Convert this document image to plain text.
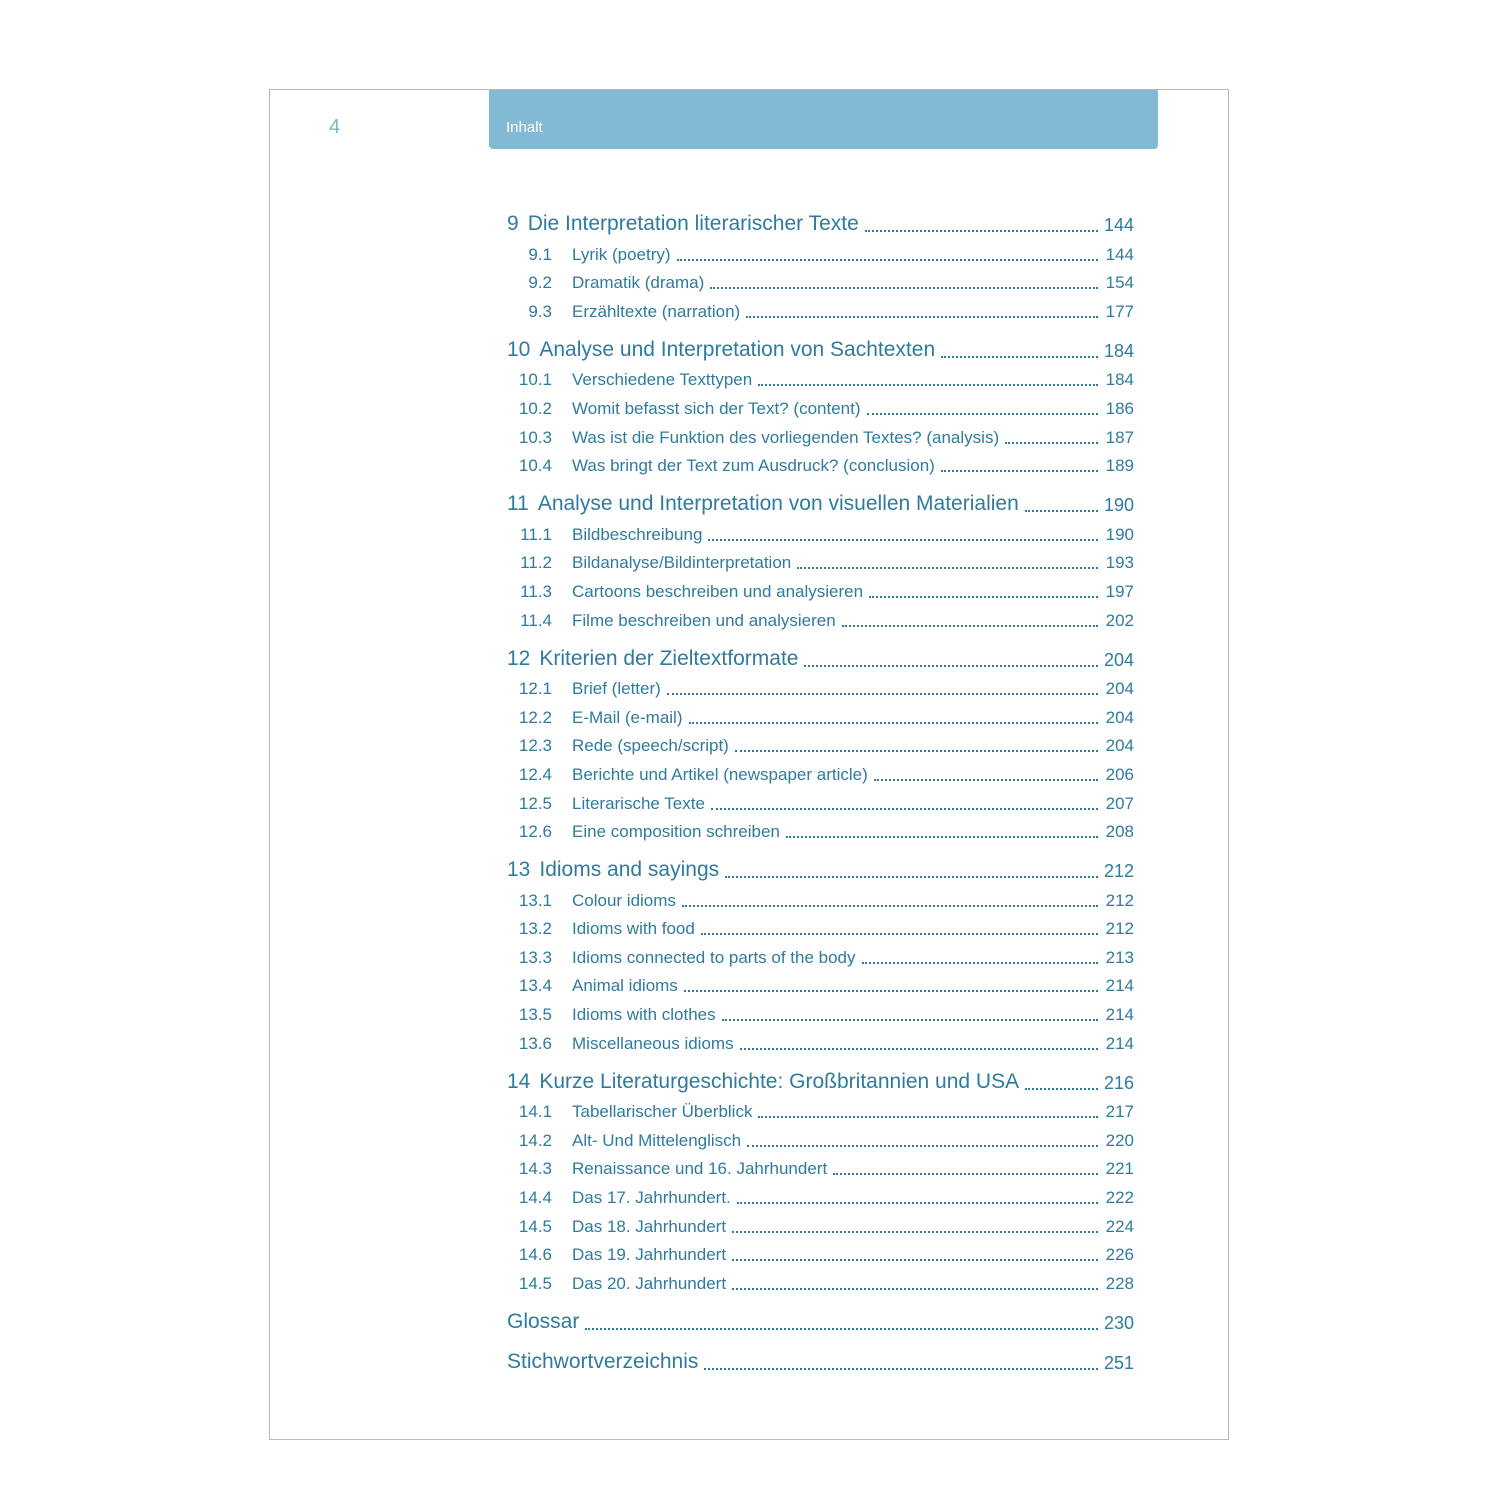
4	Inhalt
9 Die Interpretation literarischer Texte	144
9.1 Lyrik (poetry)	144
9.2 Dramatik (drama)	154
9.3 Erzähltexte (narration)	177
10 Analyse und Interpretation von Sachtexten	184
10.1 Verschiedene Texttypen	184
10.2 Womit befasst sich der Text? (content)	186
10.3 Was ist die Funktion des vorliegenden Textes? (analysis)	187
10.4 Was bringt der Text zum Ausdruck? (conclusion)	189
11 Analyse und Interpretation von visuellen Materialien	190
11.1 Bildbeschreibung	190
11.2 Bildanalyse/Bildinterpretation	193
11.3 Cartoons beschreiben und analysieren	197
11.4 Filme beschreiben und analysieren	202
12 Kriterien der Zieltextformate	204
12.1 Brief (letter)	204
12.2 E-Mail (e-mail)	204
12.3 Rede (speech/script)	204
12.4 Berichte und Artikel (newspaper article)	206
12.5 Literarische Texte	207
12.6 Eine composition schreiben	208
13 Idioms and sayings	212
13.1 Colour idioms	212
13.2 Idioms with food	212
13.3 Idioms connected to parts of the body	213
13.4 Animal idioms	214
13.5 Idioms with clothes	214
13.6 Miscellaneous idioms	214
14 Kurze Literaturgeschichte: Großbritannien und USA	216
14.1 Tabellarischer Überblick	217
14.2 Alt- Und Mittelenglisch	220
14.3 Renaissance und 16. Jahrhundert	221
14.4 Das 17. Jahrhundert.	222
14.5 Das 18. Jahrhundert	224
14.6 Das 19. Jahrhundert	226
14.5 Das 20. Jahrhundert	228
Glossar	230
Stichwortverzeichnis	251
